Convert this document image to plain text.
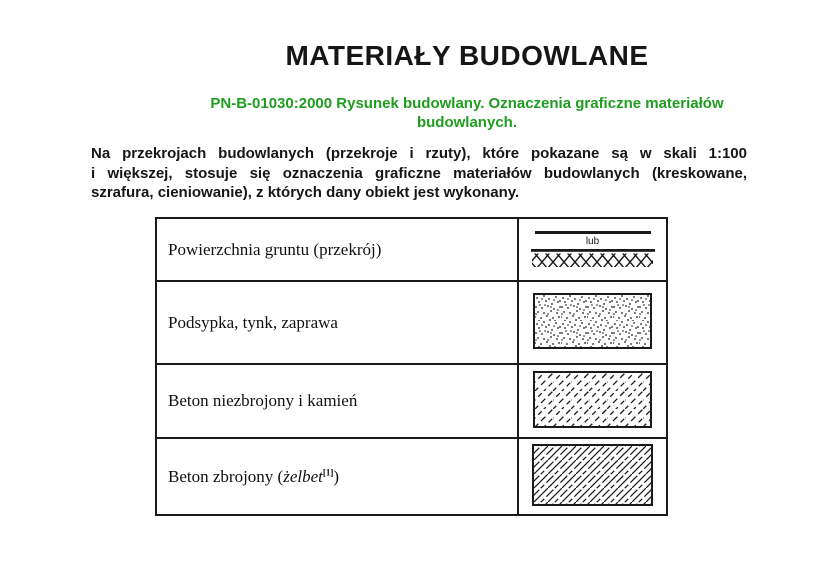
MATERIAŁY BUDOWLANE
PN-B-01030:2000 Rysunek budowlany. Oznaczenia graficzne materiałów budowlanych.
Na przekrojach budowlanych (przekroje i rzuty), które pokazane są w skali 1:100
i większej, stosuje się oznaczenia graficzne materiałów budowlanych (kreskowane,
szrafura, cieniowanie), z których dany obiekt jest wykonany.
Powierzchnia gruntu (przekrój)	lub

Podsypka, tynk, zaprawa	
Beton niezbrojony i kamień	
Beton zbrojony (żelbet[1])	
